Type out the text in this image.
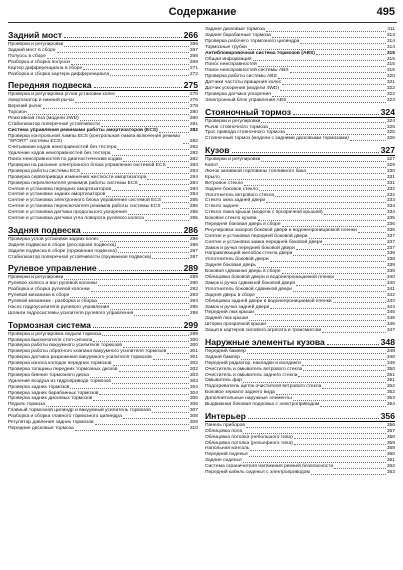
Содержание	495
Задний мост	266
Проверки и регулировки	266
Задний мост в сборе	267
Полуось в сборе	268
Разборка и сборка полуоси	269
Картер дифференциала в сборе	271
Разборка и сборка картера дифференциала	272
Передняя подвеска	275
Проверка и регулировка углов установки колес	275
Амортизатор и нижний рычаг	276
Верхний рычаг	278
Торсион	280
Реактивная тяга (модели 2WD)	280
Стабилизатор поперечной устойчивости	281
Система управления режимами работы амортизаторов (ECS)	282
Проверка контрольной лампы ECS (контрольная лампа включения режима "SPORT" системы ECS)	282
Считывание кодов неисправностей без тестера	282
Удаление кодов неисправностей без тестера	282
Поиск неисправностей по диагностическим кодам	282
Проверки на разъеме электронного блока управления системой ECS	283
Проверка работы системы ECS	283
Проверка сервопривода изменения жесткости амортизатора	284
Проверка переключателя режимов работы системы ECS	284
Снятие и установка передних амортизаторов	284
Снятие и установка задних амортизаторов	284
Снятие и установка электронного блока управления системой ECS	285
Снятие и установка переключателя режимов работы системы ECS	285
Снятие и установка датчика продольного ускорения	285
Снятие и установка датчика угла поворота рулевого колеса	285
Задняя подвеска	286
Проверка углов установки задних колес	286
Задняя подвеска в сборе (рессорная подвеска)	286
Задняя подвеска в сборе (пружинная подвеска)	287
Стабилизатор поперечной устойчивости (пружинная подвеска)	287
Рулевое управление	289
Проверки и регулировки	289
Рулевое колесо и вал рулевой колонки	290
Разборка и сборка рулевой колонки	292
Рулевой механизм в сборе	293
Рулевой механизм - разборка и сборка	294
Насос гидроусилителя рулевого управления	295
Шланги гидросистемы усилителя рулевого управления	298
Тормозная система	299
Проверка и регулировка педали тормоза	299
Проверка выключателя стоп-сигнала	300
Проверка работы вакуумного усилителя тормозов	300
Проверка работы обратного клапана вакуумного усилителя тормозов	301
Проверка датчика разрежения вакуумного усилителя тормозов	301
Проверка износа колодок передних тормозов	302
Проверка толщины передних тормозных дисков	302
Проверка биения тормозного диска	303
Удаление воздуха из гидропривода тормозов	303
Проверка задних тормозов	304
Проверка задних барабанных тормозов	304
Проверка задних дисковых тормозов	305
Педаль тормоза	306
Главный тормозной цилиндр и вакуумный усилитель тормозов	307
Разборка и сборка главного тормозного цилиндра	308
Регулятор давления задних тормозов	309
Передние дисковые тормоза	310
Задние дисковые тормоза	311
Задние барабанные тормоза	313
Проверка рабочего тормозного цилиндра	314
Тормозные трубки	314
Антиблокировочная система тормозов (ABS)	315
Общая информация	315
Поиск неисправностей	315
Поиск неисправностей системы ABS	316
Проверка работы системы ABS	320
Датчики частоты вращения колес	321
Датчик ускорения (модели 4WD)	322
Проверка датчика ускорения	322
Электронный блок управления ABS	323
Стояночный тормоз	324
Проверки и регулировки	324
Рычаг стояночного тормоза	325
Трос привода стояночного тормоза	325
Стояночный тормоз (модели с задними дисковыми тормозами)	326
Кузов	327
Проверки и регулировки	327
Капот	329
Лючок заливной горловины топливного бака	330
Крыло	331
Ветровое стекло	331
Заднее боковое стекло	332
Уплотнитель ветрового стекла	332
Стекло окна задней двери	333
Стекло заднее	334
Стекло люка крыши (модели с прозрачной крышей)	334
Боковое стекло кузова	335
Передняя боковая дверь в сборе	336
Регулировка зазоров боковой двери и водонепроницаемой пленки	336
Снятие и установка передней боковой двери	337
Снятие и установка замка передней боковой двери	337
Замок и ручка передней боковой двери	337
Направляющий желобок стекла двери	338
Уплотнитель боковой двери	338
Задняя боковая дверь	339
Боковая сдвижная дверь в сборе	339
Облицовка боковой двери и водонепроницаемой пленки	340
Замок и ручка сдвижной боковой двери	340
Уплотнитель боковой сдвижной двери	341
Задняя дверь в сборе	342
Облицовка задней двери и водонепроницаемой пленки	343
Замок и ручка задней двери	344
Передний люк крыши	345
Задний люк крыши	346
Шторки прозрачной крыши	346
Защита картеров силового агрегата и трансмиссии	347
Наружные элементы кузова	348
Передний бампер	348
Задний бампер	348
Передний радиатор, накладки и молдинги	349
Очиститель и омыватель ветрового стекла	350
Очиститель и омыватель заднего стекла	351
Омыватель фар	351
Подогреватель щеток очистителя ветрового стекла	352
Боковое зеркало заднего вида	352
Дополнительные наружные элементы	353
Выдвижная боковая подножка с электроприводом	354
Интерьер	356
Панель приборов	356
Облицовка пола	357
Облицовка потолка (небольшого типа)	358
Облицовка потолка (рельефного типа)	359
Напольная консоль	359
Передний сиденья	360
Задние сиденья	361
Система ограничителя натяжения ремней безопасности	362
Передний кабель сиденья с электроприводом	363
